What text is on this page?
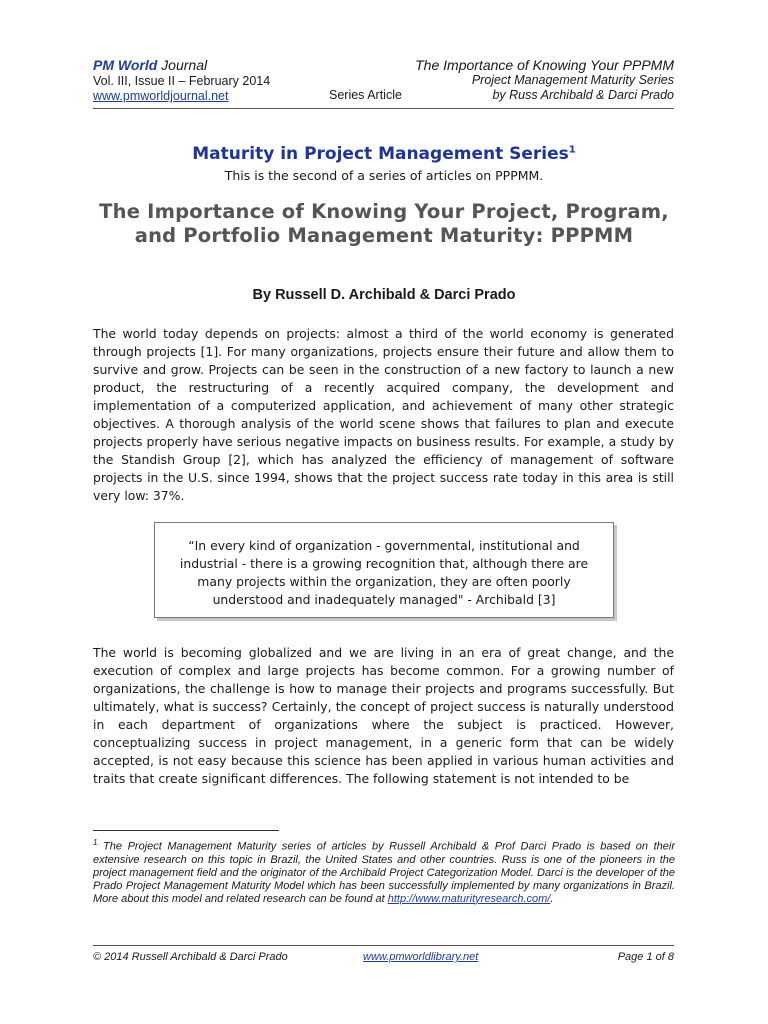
PM World Journal
Vol. III, Issue II – February 2014
www.pmworldjournal.net	Series Article
The Importance of Knowing Your PPPMM
Project Management Maturity Series
by Russ Archibald & Darci Prado
Maturity in Project Management Series$^1$
This is the second of a series of articles on PPPMM.
The Importance of Knowing Your Project, Program, and Portfolio Management Maturity: PPPMM
By Russell D. Archibald & Darci Prado
The world today depends on projects: almost a third of the world economy is generated through projects [1]. For many organizations, projects ensure their future and allow them to survive and grow. Projects can be seen in the construction of a new factory to launch a new product, the restructuring of a recently acquired company, the development and implementation of a computerized application, and achievement of many other strategic objectives. A thorough analysis of the world scene shows that failures to plan and execute projects properly have serious negative impacts on business results. For example, a study by the Standish Group [2], which has analyzed the efficiency of management of software projects in the U.S. since 1994, shows that the project success rate today in this area is still very low: 37%.
“In every kind of organization - governmental, institutional and industrial - there is a growing recognition that, although there are many projects within the organization, they are often poorly understood and inadequately managed" - Archibald [3]
The world is becoming globalized and we are living in an era of great change, and the execution of complex and large projects has become common. For a growing number of organizations, the challenge is how to manage their projects and programs successfully. But ultimately, what is success? Certainly, the concept of project success is naturally understood in each department of organizations where the subject is practiced. However, conceptualizing success in project management, in a generic form that can be widely accepted, is not easy because this science has been applied in various human activities and traits that create significant differences. The following statement is not intended to be
$^1$ The Project Management Maturity series of articles by Russell Archibald & Prof Darci Prado is based on their extensive research on this topic in Brazil, the United States and other countries. Russ is one of the pioneers in the project management field and the originator of the Archibald Project Categorization Model. Darci is the developer of the Prado Project Management Maturity Model which has been successfully implemented by many organizations in Brazil. More about this model and related research can be found at http://www.maturityresearch.com/.
© 2014 Russell Archibald & Darci Prado	www.pmworldlibrary.net	Page 1 of 8
